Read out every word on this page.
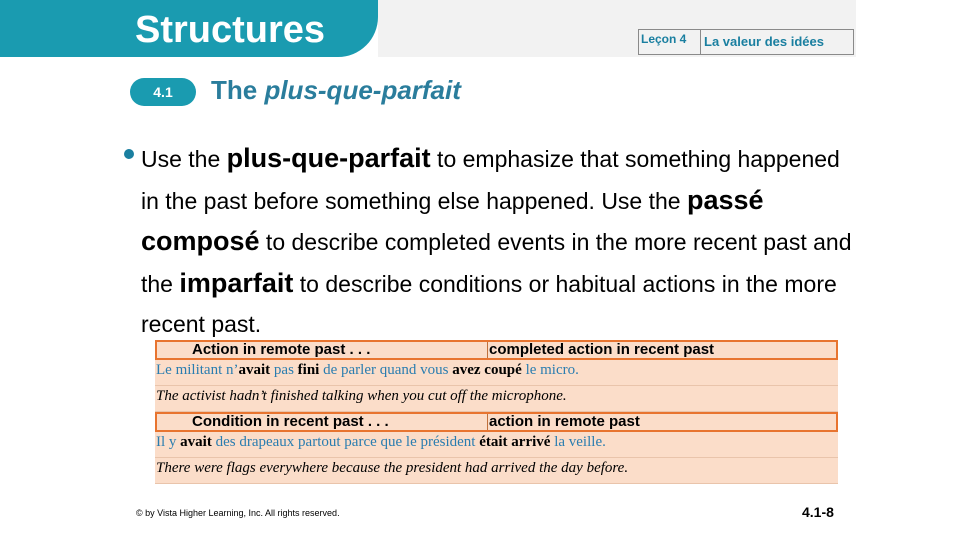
Structures	Leçon 4	La valeur des idées
4.1	The plus-que-parfait
Use the plus-que-parfait to emphasize that something happened in the past before something else happened. Use the passé composé to describe completed events in the more recent past and the imparfait to describe conditions or habitual actions in the more recent past.
Action in remote past . . .	completed action in recent past
Le militant n’avait pas fini de parler quand vous avez coupé le micro.
The activist hadn’t finished talking when you cut off the microphone.
Condition in recent past . . .	action in remote past
Il y avait des drapeaux partout parce que le président était arrivé la veille.
There were flags everywhere because the president had arrived the day before.
© by Vista Higher Learning, Inc. All rights reserved.	4.1-8
